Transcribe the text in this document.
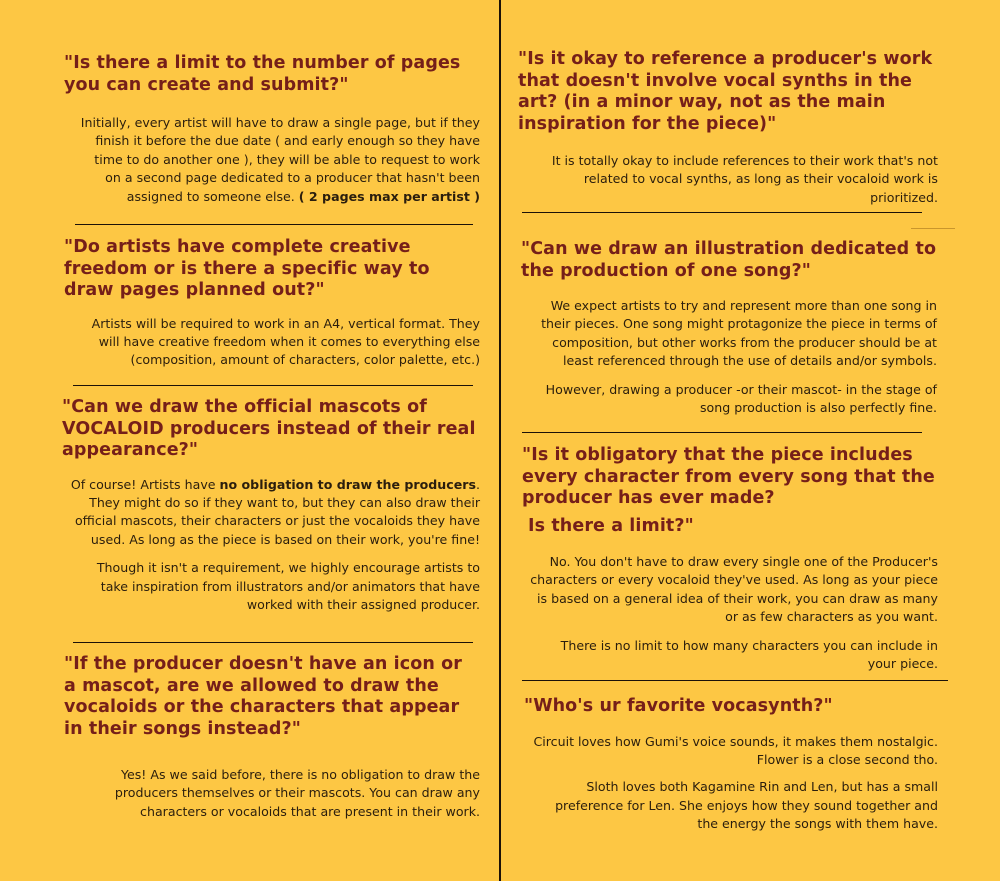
"Is there a limit to the number of pages you can create and submit?"

Initially, every artist will have to draw a single page, but if they finish it before the due date ( and early enough so they have time to do another one ), they will be able to request to work on a second page dedicated to a producer that hasn't been assigned to someone else. ( 2 pages max per artist )

"Do artists have complete creative freedom or is there a specific way to draw pages planned out?"

Artists will be required to work in an A4, vertical format. They will have creative freedom when it comes to everything else (composition, amount of characters, color palette, etc.)

"Can we draw the official mascots of VOCALOID producers instead of their real appearance?"

Of course! Artists have no obligation to draw the producers. They might do so if they want to, but they can also draw their official mascots, their characters or just the vocaloids they have used. As long as the piece is based on their work, you're fine!

Though it isn't a requirement, we highly encourage artists to take inspiration from illustrators and/or animators that have worked with their assigned producer.

"If the producer doesn't have an icon or a mascot, are we allowed to draw the vocaloids or the characters that appear in their songs instead?"

Yes! As we said before, there is no obligation to draw the producers themselves or their mascots. You can draw any characters or vocaloids that are present in their work.

"Is it okay to reference a producer's work that doesn't involve vocal synths in the art? (in a minor way, not as the main inspiration for the piece)"

It is totally okay to include references to their work that's not related to vocal synths, as long as their vocaloid work is prioritized.

"Can we draw an illustration dedicated to the production of one song?"

We expect artists to try and represent more than one song in their pieces. One song might protagonize the piece in terms of composition, but other works from the producer should be at least referenced through the use of details and/or symbols.

However, drawing a producer -or their mascot- in the stage of song production is also perfectly fine.

"Is it obligatory that the piece includes every character from every song that the producer has ever made?
Is there a limit?"

No. You don't have to draw every single one of the Producer's characters or every vocaloid they've used. As long as your piece is based on a general idea of their work, you can draw as many or as few characters as you want.

There is no limit to how many characters you can include in your piece.

"Who's ur favorite vocasynth?"

Circuit loves how Gumi's voice sounds, it makes them nostalgic. Flower is a close second tho.

Sloth loves both Kagamine Rin and Len, but has a small preference for Len. She enjoys how they sound together and the energy the songs with them have.
